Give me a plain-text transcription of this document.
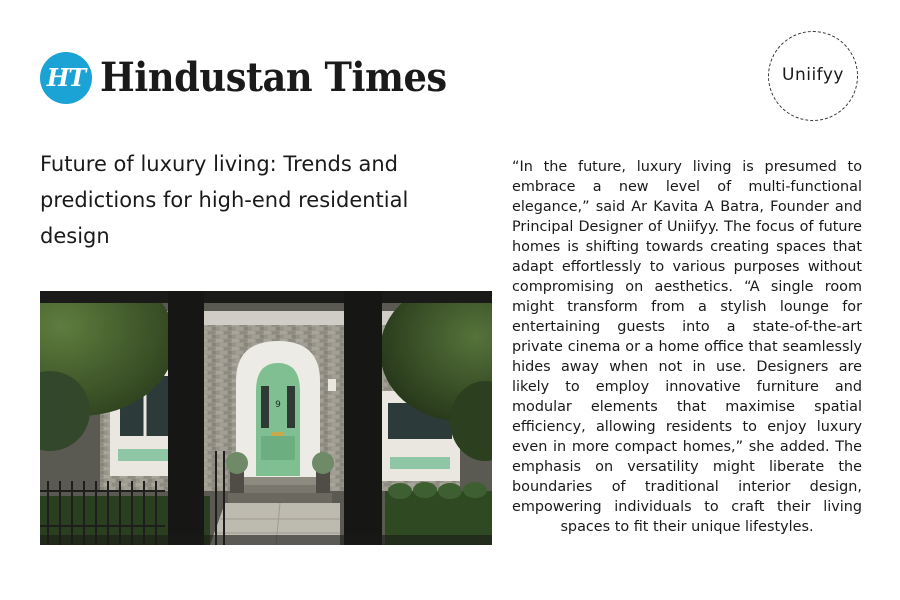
HT Hindustan Times	Uniifyy
Future of luxury living: Trends and predictions for high-end residential design
9

“In the future, luxury living is presumed to embrace a new level of multi-functional elegance,” said Ar Kavita A Batra, Founder and Principal Designer of Uniifyy. The focus of future homes is shifting towards creating spaces that adapt effortlessly to various purposes without compromising on aesthetics. “A single room might transform from a stylish lounge for entertaining guests into a state-of-the-art private cinema or a home office that seamlessly hides away when not in use. Designers are likely to employ innovative furniture and modular elements that maximise spatial efficiency, allowing residents to enjoy luxury even in more compact homes,” she added. The emphasis on versatility might liberate the boundaries of traditional interior design, empowering individuals to craft their living spaces to fit their unique lifestyles.
